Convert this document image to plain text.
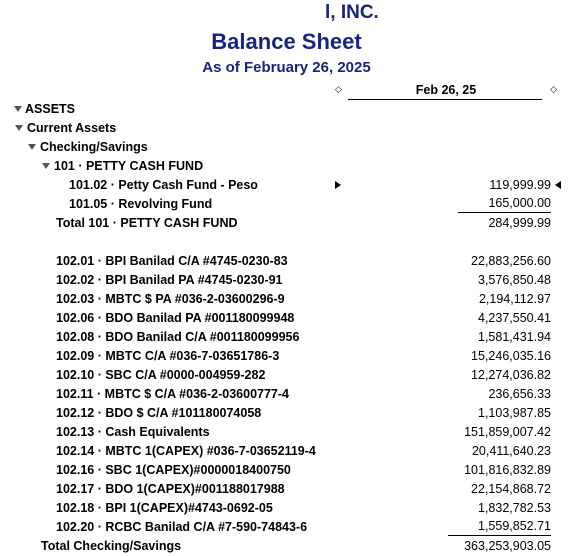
l, INC.
Balance Sheet
As of February 26, 2025
◇	Feb 26, 25	◇
ASSETS
Current Assets
Checking/Savings
101 · PETTY CASH FUND
101.02 · Petty Cash Fund - Peso	119,999.99
101.05 · Revolving Fund	165,000.00
Total 101 · PETTY CASH FUND	284,999.99
102.01 · BPI Banilad C/A #4745-0230-83	22,883,256.60
102.02 · BPI Banilad PA #4745-0230-91	3,576,850.48
102.03 · MBTC $ PA #036-2-03600296-9	2,194,112.97
102.06 · BDO Banilad PA #001180099948	4,237,550.41
102.08 · BDO Banilad C/A #001180099956	1,581,431.94
102.09 · MBTC C/A #036-7-03651786-3	15,246,035.16
102.10 · SBC C/A #0000-004959-282	12,274,036.82
102.11 · MBTC $ C/A #036-2-03600777-4	236,656.33
102.12 · BDO $ C/A #101180074058	1,103,987.85
102.13 · Cash Equivalents	151,859,007.42
102.14 · MBTC 1(CAPEX) #036-7-03652119-4	20,411,640.23
102.16 · SBC 1(CAPEX)#0000018400750	101,816,832.89
102.17 · BDO 1(CAPEX)#001188017988	22,154,868.72
102.18 · BPI 1(CAPEX)#4743-0692-05	1,832,782.53
102.20 · RCBC Banilad C/A #7-590-74843-6	1,559,852.71
Total Checking/Savings	363,253,903.05
